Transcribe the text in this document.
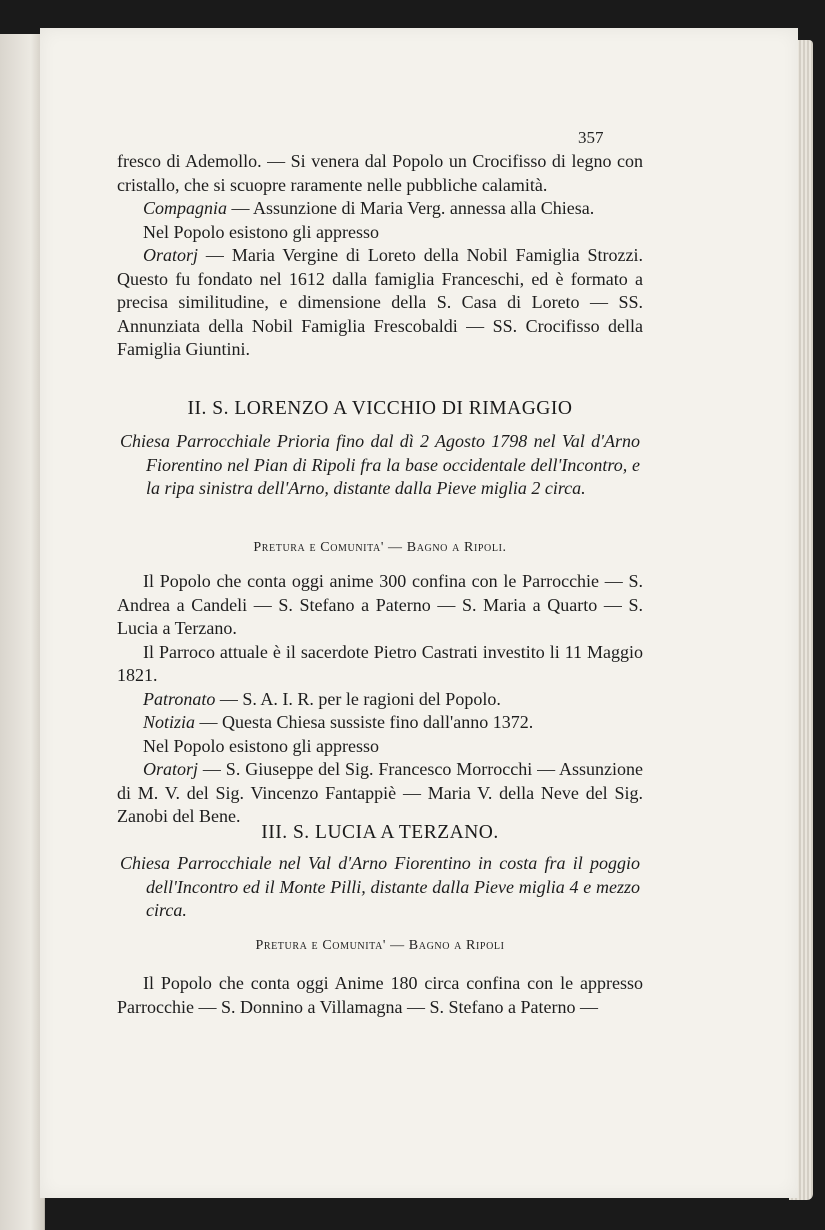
357

fresco di Ademollo. — Si venera dal Popolo un Crocifisso di legno con cristallo, che si scuopre raramente nelle pubbliche calamità.

Compagnia — Assunzione di Maria Verg. annessa alla Chiesa.

Nel Popolo esistono gli appresso

Oratorj — Maria Vergine di Loreto della Nobil Famiglia Strozzi. Questo fu fondato nel 1612 dalla famiglia Franceschi, ed è formato a precisa similitudine, e dimensione della S. Casa di Loreto — SS. Annunziata della Nobil Famiglia Frescobaldi — SS. Crocifisso della Famiglia Giuntini.

II. S. LORENZO A VICCHIO DI RIMAGGIO

Chiesa Parrocchiale Prioria fino dal dì 2 Agosto 1798 nel Val d'Arno Fiorentino nel Pian di Ripoli fra la base occidentale dell'Incontro, e la ripa sinistra dell'Arno, distante dalla Pieve miglia 2 circa.

Pretura e Comunita' — Bagno a Ripoli.

Il Popolo che conta oggi anime 300 confina con le Parrocchie — S. Andrea a Candeli — S. Stefano a Paterno — S. Maria a Quarto — S. Lucia a Terzano.

Il Parroco attuale è il sacerdote Pietro Castrati investito li 11 Maggio 1821.

Patronato — S. A. I. R. per le ragioni del Popolo.

Notizia — Questa Chiesa sussiste fino dall'anno 1372.

Nel Popolo esistono gli appresso

Oratorj — S. Giuseppe del Sig. Francesco Morrocchi — Assunzione di M. V. del Sig. Vincenzo Fantappiè — Maria V. della Neve del Sig. Zanobi del Bene.

III. S. LUCIA A TERZANO.

Chiesa Parrocchiale nel Val d'Arno Fiorentino in costa fra il poggio dell'Incontro ed il Monte Pilli, distante dalla Pieve miglia 4 e mezzo circa.

Pretura e Comunita' — Bagno a Ripoli

Il Popolo che conta oggi Anime 180 circa confina con le appresso Parrocchie — S. Donnino a Villamagna — S. Stefano a Paterno —
